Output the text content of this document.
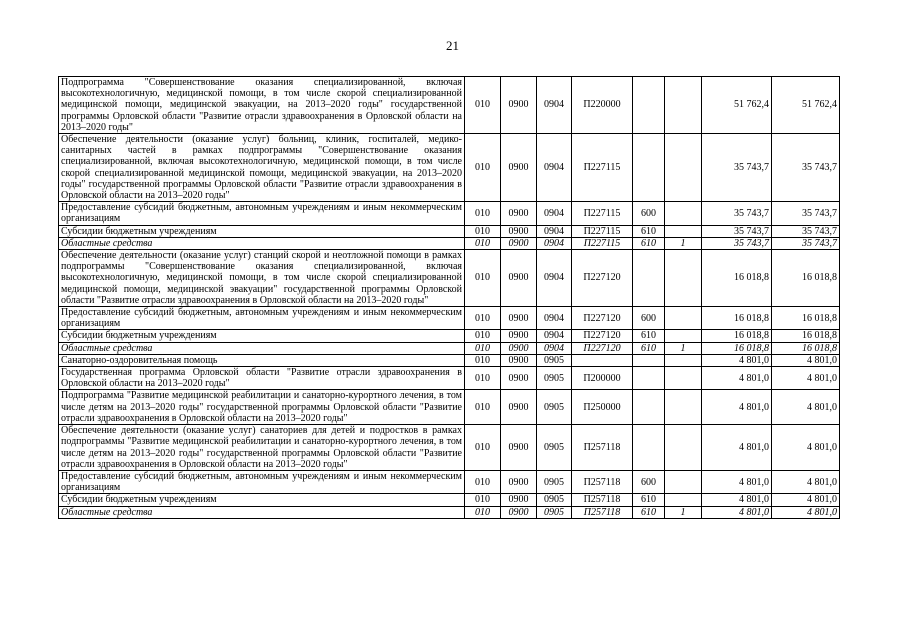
21
Подпрограмма "Совершенствование оказания специализированной, включая высокотехнологичную, медицинской помощи, в том числе скорой специализированной медицинской помощи, медицинской эвакуации, на 2013–2020 годы" государственной программы Орловской области "Развитие отрасли здравоохранения в Орловской области на 2013–2020 годы"	010	0900	0904	П220000			51 762,4	51 762,4
Обеспечение деятельности (оказание услуг) больниц, клиник, госпиталей, медико-санитарных частей в рамках подпрограммы "Совершенствование оказания специализированной, включая высокотехнологичную, медицинской помощи, в том числе скорой специализированной медицинской помощи, медицинской эвакуации, на 2013–2020 годы" государственной программы Орловской области "Развитие отрасли здравоохранения в Орловской области на 2013–2020 годы"	010	0900	0904	П227115			35 743,7	35 743,7
Предоставление субсидий бюджетным, автономным учреждениям и иным некоммерческим организациям	010	0900	0904	П227115	600		35 743,7	35 743,7
Субсидии бюджетным учреждениям	010	0900	0904	П227115	610		35 743,7	35 743,7
Областные средства	010	0900	0904	П227115	610	1	35 743,7	35 743,7
Обеспечение деятельности (оказание услуг) станций скорой и неотложной помощи в рамках подпрограммы "Совершенствование оказания специализированной, включая высокотехнологичную, медицинской помощи, в том числе скорой специализированной медицинской помощи, медицинской эвакуации" государственной программы Орловской области "Развитие отрасли здравоохранения в Орловской области на 2013–2020 годы"	010	0900	0904	П227120			16 018,8	16 018,8
Предоставление субсидий бюджетным, автономным учреждениям и иным некоммерческим организациям	010	0900	0904	П227120	600		16 018,8	16 018,8
Субсидии бюджетным учреждениям	010	0900	0904	П227120	610		16 018,8	16 018,8
Областные средства	010	0900	0904	П227120	610	1	16 018,8	16 018,8
Санаторно-оздоровительная помощь	010	0900	0905				4 801,0	4 801,0
Государственная программа Орловской области "Развитие отрасли здравоохранения в Орловской области на 2013–2020 годы"	010	0900	0905	П200000			4 801,0	4 801,0
Подпрограмма "Развитие медицинской реабилитации и санаторно-курортного лечения, в том числе детям на 2013–2020 годы" государственной программы Орловской области "Развитие отрасли здравоохранения в Орловской области на 2013–2020 годы"	010	0900	0905	П250000			4 801,0	4 801,0
Обеспечение деятельности (оказание услуг) санаториев для детей и подростков в рамках подпрограммы "Развитие медицинской реабилитации и санаторно-курортного лечения, в том числе детям на 2013–2020 годы" государственной программы Орловской области "Развитие отрасли здравоохранения в Орловской области на 2013–2020 годы"	010	0900	0905	П257118			4 801,0	4 801,0
Предоставление субсидий бюджетным, автономным учреждениям и иным некоммерческим организациям	010	0900	0905	П257118	600		4 801,0	4 801,0
Субсидии бюджетным учреждениям	010	0900	0905	П257118	610		4 801,0	4 801,0
Областные средства	010	0900	0905	П257118	610	1	4 801,0	4 801,0
